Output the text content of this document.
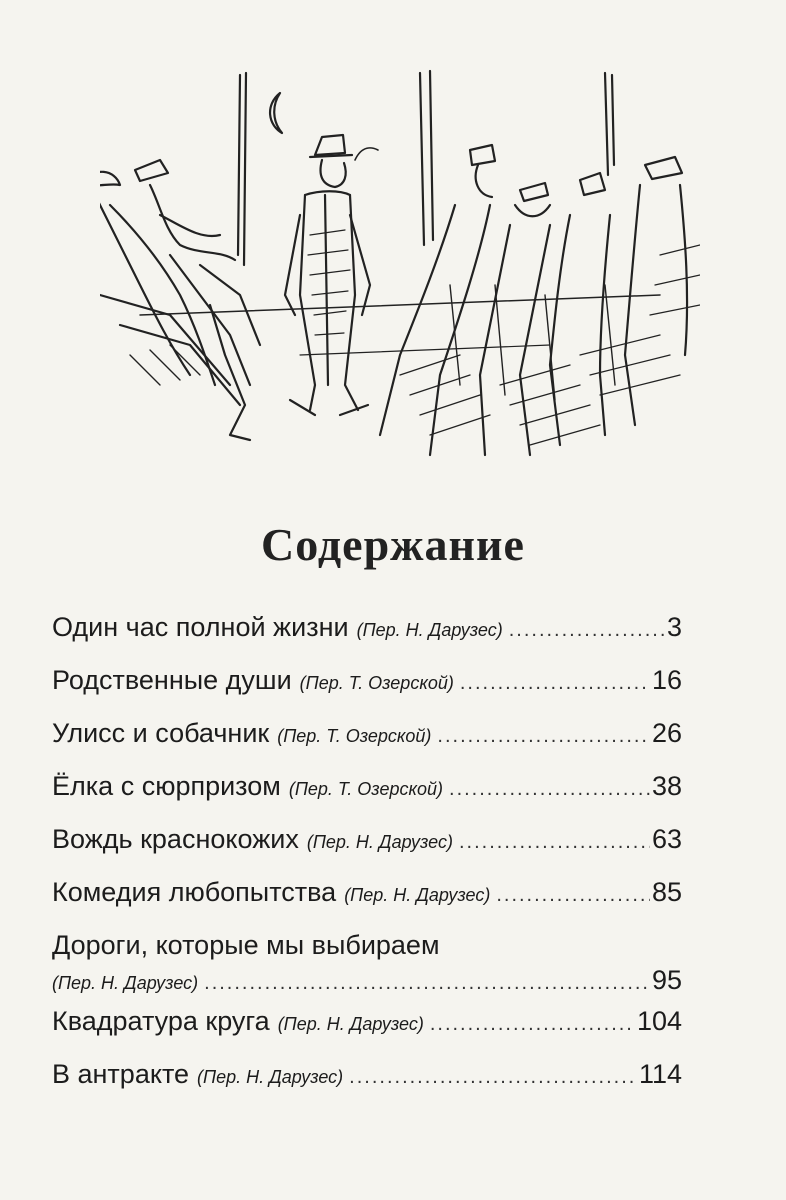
Содержание
Один час полной жизни (Пер. Н. Дарузес) .....	3
Родственные души (Пер. Т. Озерской) .....	16
Улисс и собачник (Пер. Т. Озерской) .....	26
Ёлка с сюрпризом (Пер. Т. Озерской) .....	38
Вождь краснокожих (Пер. Н. Дарузес) .....	63
Комедия любопытства (Пер. Н. Дарузес) .....	85
Дороги, которые мы выбираем
(Пер. Н. Дарузес) .....	95
Квадратура круга (Пер. Н. Дарузес) .....	104
В антракте (Пер. Н. Дарузес) .....	114
